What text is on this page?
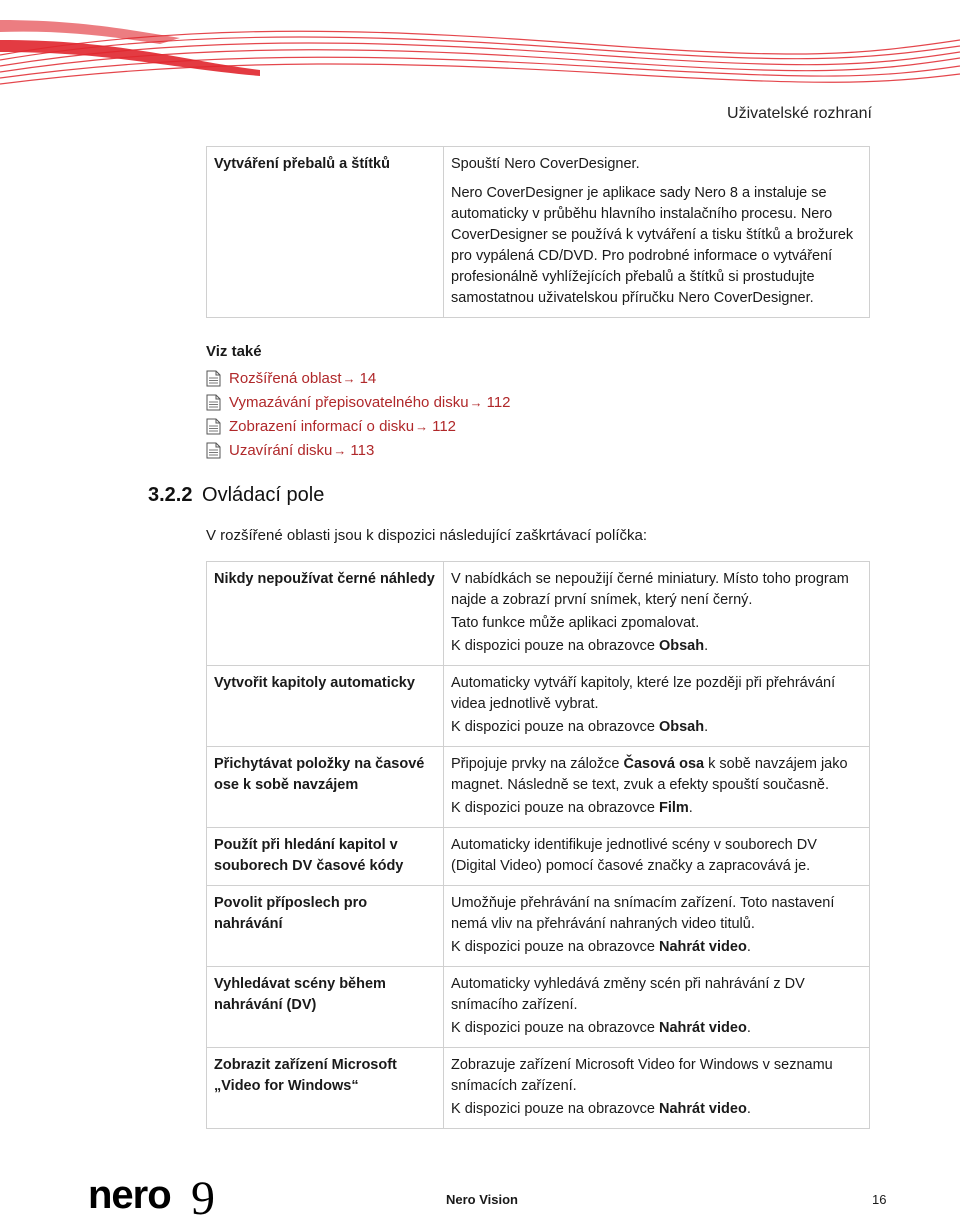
Uživatelské rozhraní
Vytváření přebalů a štítků	Spouští Nero CoverDesigner.

Nero CoverDesigner je aplikace sady Nero 8 a instaluje se automaticky v průběhu hlavního instalačního procesu. Nero CoverDesigner se používá k vytváření a tisku štítků a brožurek pro vypálená CD/DVD. Pro podrobné informace o vytváření profesionálně vyhlížejících přebalů a štítků si prostudujte samostatnou uživatelskou příručku Nero CoverDesigner.

Viz také
Rozšířená oblast → 14
Vymazávání přepisovatelného disku → 112
Zobrazení informací o disku → 112
Uzavírání disku → 113
3.2.2 Ovládací pole
V rozšířené oblasti jsou k dispozici následující zaškrtávací políčka:
Nikdy nepoužívat černé náhledy	V nabídkách se nepoužijí černé miniatury. Místo toho program najde a zobrazí první snímek, který není černý.

Tato funkce může aplikaci zpomalovat.

K dispozici pouze na obrazovce Obsah.

Vytvořit kapitoly automaticky	Automaticky vytváří kapitoly, které lze později při přehrávání videa jednotlivě vybrat.

K dispozici pouze na obrazovce Obsah.

Přichytávat položky na časové ose k sobě navzájem	Připojuje prvky na záložce Časová osa k sobě navzájem jako magnet. Následně se text, zvuk a efekty spouští současně.

K dispozici pouze na obrazovce Film.

Použít při hledání kapitol v souborech DV časové kódy	Automaticky identifikuje jednotlivé scény v souborech DV (Digital Video) pomocí časové značky a zapracovává je.

Povolit příposlech pro nahrávání	Umožňuje přehrávání na snímacím zařízení. Toto nastavení nemá vliv na přehrávání nahraných video titulů.

K dispozici pouze na obrazovce Nahrát video.

Vyhledávat scény během nahrávání (DV)	Automaticky vyhledává změny scén při nahrávání z DV snímacího zařízení.

K dispozici pouze na obrazovce Nahrát video.

Zobrazit zařízení Microsoft „Video for Windows“	Zobrazuje zařízení Microsoft Video for Windows v seznamu snímacích zařízení.

K dispozici pouze na obrazovce Nahrát video.

nero 9	Nero Vision	16
